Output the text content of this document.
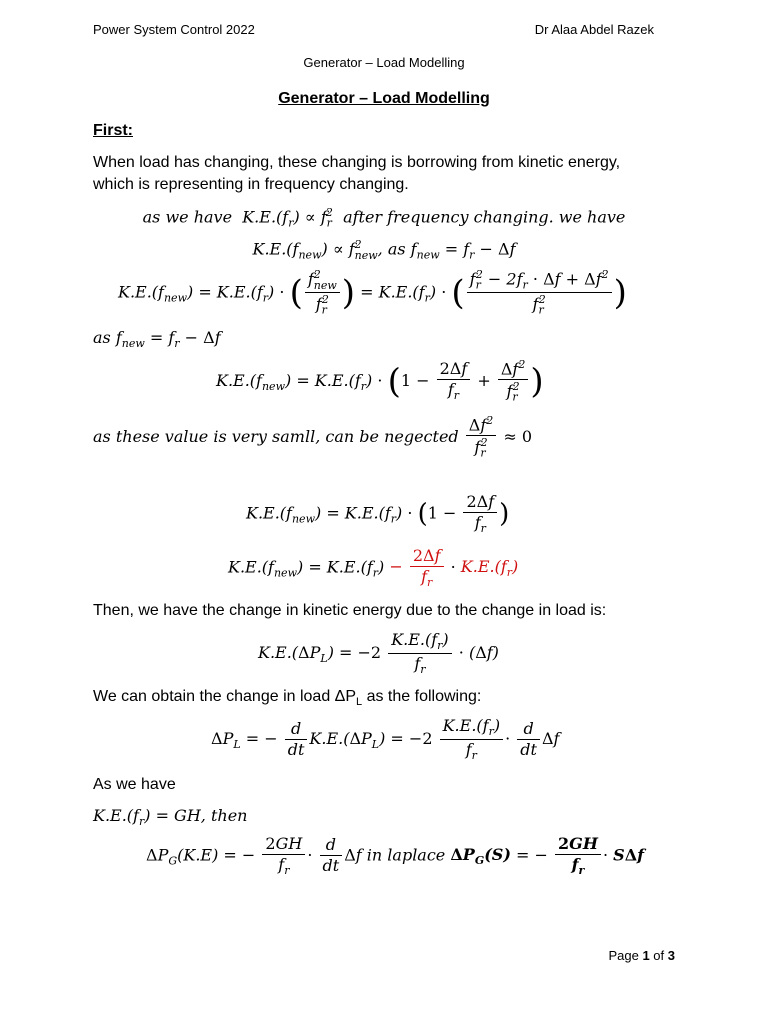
Power System Control 2022	Dr Alaa Abdel Razek
Generator – Load Modelling
Generator – Load Modelling
First:
When load has changing, these changing is borrowing from kinetic energy,
which is representing in frequency changing.
as we have  $K.E.(f_r) \propto f_r^2$ after frequency changing. we have
$K.E.(f_{new}) \propto f^2_{new}$, as $f_{new} = f_r - \Delta f$
$K.E.(f_{new}) = K.E.(f_r)$ · ( $\frac{f^2_{new}}{f_r^2}$ ) = $K.E.(f_r)$ · ( $\frac{f_r^2 - 2f_r \cdot \Delta f + \Delta f^2}{f_r^2}$ )
as $f_{new} = f_r - \Delta f$
$K.E.(f_{new}) = K.E.(f_r) \cdot (1 - \frac{2\Delta f}{f_r} + \frac{\Delta f^2}{f_r^2}$ )
as these value is very samll, can be negected $\frac{\Delta f^2}{f_r^2} \approx 0$
$K.E.(f_{new}) = K.E.(f_r) \cdot (1 - \frac{2\Delta f}{f_r}$ )
$K.E.(f_{new}) = K.E.(f_r) - \frac{2\Delta f}{f_r} \cdot K.E.(f_r)$
Then, we have the change in kinetic energy due to the change in load is:
$K.E.(\Delta P_L) = -2 \frac{K.E.(f_r)}{f_r} \cdot (\Delta f)$
We can obtain the change in load $\Delta P_L$ as the following:
$\Delta P_L$ = − $\frac{d}{dt} K.E.(\Delta P_L) = -2 \frac{K.E.(f_r)}{f_r} \cdot \frac{d}{dt}$ Δf
As we have
$K.E.(f_r)$ = GH, then
$\Delta P_G(K.E)$ = − $\frac{2GH}{f_r} \cdot \frac{d}{dt}$ Δf in laplace $\Delta P_G(S)$ = − $\frac{2GH}{f_r} \cdot S\Delta f$
Page 1 of 3
